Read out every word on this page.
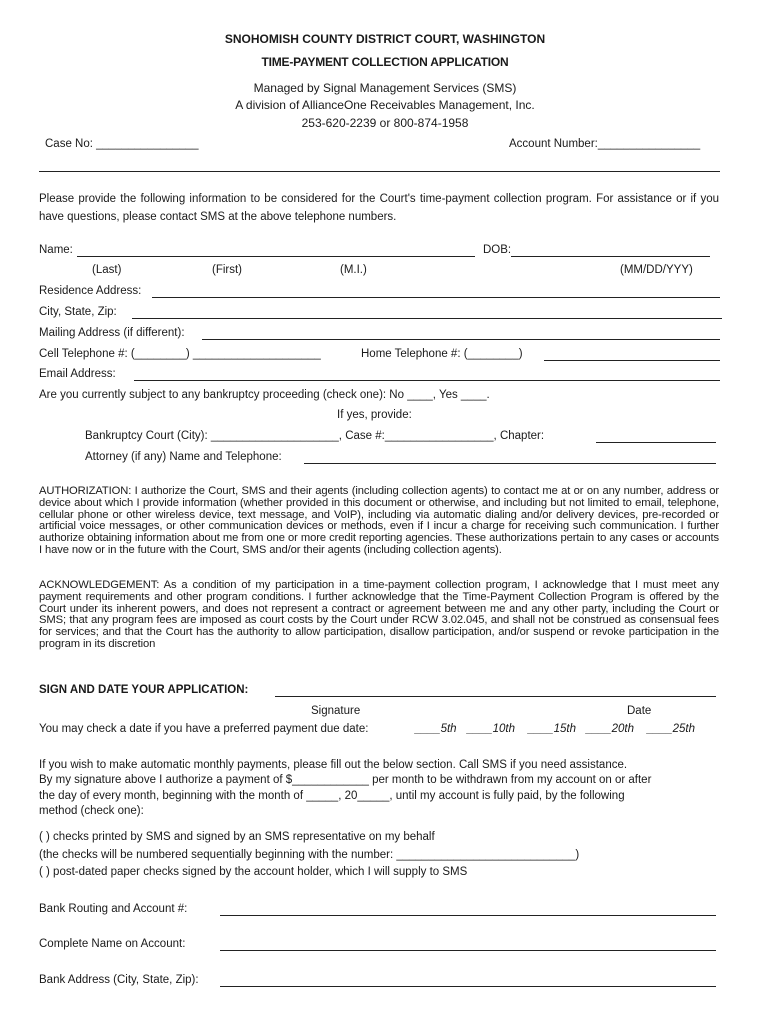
SNOHOMISH COUNTY DISTRICT COURT, WASHINGTON
TIME-PAYMENT COLLECTION APPLICATION
Managed by Signal Management Services (SMS)
A division of AllianceOne Receivables Management, Inc.
253-620-2239 or 800-874-1958
Case No: ________________	Account Number:________________
Please provide the following information to be considered for the Court's time-payment collection program. For assistance or if you have questions, please contact SMS at the above telephone numbers.
Name:	DOB:
(Last)	(First)	(M.I.)	(MM/DD/YYY)
Residence Address:
City, State, Zip:
Mailing Address (if different):
Cell Telephone #: (________) ____________________	Home Telephone #: (________)
Email Address:
Are you currently subject to any bankruptcy proceeding (check one): No ____, Yes ____.
If yes, provide:
Bankruptcy Court (City): ____________________, Case #:_________________, Chapter:
Attorney (if any) Name and Telephone:
AUTHORIZATION: I authorize the Court, SMS and their agents (including collection agents) to contact me at or on any number, address or device about which I provide information (whether provided in this document or otherwise, and including but not limited to email, telephone, cellular phone or other wireless device, text message, and VoIP), including via automatic dialing and/or delivery devices, pre-recorded or artificial voice messages, or other communication devices or methods, even if I incur a charge for receiving such communication. I further authorize obtaining information about me from one or more credit reporting agencies. These authorizations pertain to any cases or accounts I have now or in the future with the Court, SMS and/or their agents (including collection agents).
ACKNOWLEDGEMENT: As a condition of my participation in a time-payment collection program, I acknowledge that I must meet any payment requirements and other program conditions. I further acknowledge that the Time-Payment Collection Program is offered by the Court under its inherent powers, and does not represent a contract or agreement between me and any other party, including the Court or SMS; that any program fees are imposed as court costs by the Court under RCW 3.02.045, and shall not be construed as consensual fees for services; and that the Court has the authority to allow participation, disallow participation, and/or suspend or revoke participation in the program in its discretion
SIGN AND DATE YOUR APPLICATION:
Signature	Date
You may check a date if you have a preferred payment due date:	____5th ____10th ____15th ____20th ____25th
If you wish to make automatic monthly payments, please fill out the below section. Call SMS if you need assistance.
By my signature above I authorize a payment of $____________ per month to be withdrawn from my account on or after
the day of every month, beginning with the month of _____, 20_____, until my account is fully paid, by the following
method (check one):
( ) checks printed by SMS and signed by an SMS representative on my behalf
(the checks will be numbered sequentially beginning with the number: ____________________________)
( ) post-dated paper checks signed by the account holder, which I will supply to SMS
Bank Routing and Account #:
Complete Name on Account:
Bank Address (City, State, Zip):
